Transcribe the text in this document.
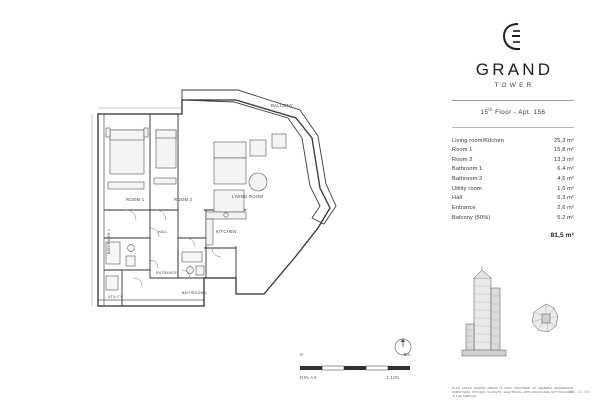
BALCONY
ROOM 1	ROOM 2
LIVING ROOM
HALL	KITCHEN
BATHROOM 2
ENTRANCE
UTILITY
BATHROOM 1
0	5m
DIN A4	1:100

GRAND

TOWER

15th Floor - Apt. 156
Living room/Kitchen	25,3 m²
Room 1	15,8 m²
Room 2	13,3 m²
Bathroom 1	6,4 m²
Bathroom 2	4,6 m²
Utility room	1,6 m²
Hall	6,3 m²
Entrance	2,6 m²
Balcony (50%)	5,2 m²
81,5 m²
PLAN SPLAN SHOWN AREAS IS ONLY PROVIDED AS GENERAL REFERENCE. FURNITURE, KITCHEN, CLOSETS, ELECTRICAL APPLIANCES ARE NOT INCLUDED IN THE SERVICE.
TW - 15.156
